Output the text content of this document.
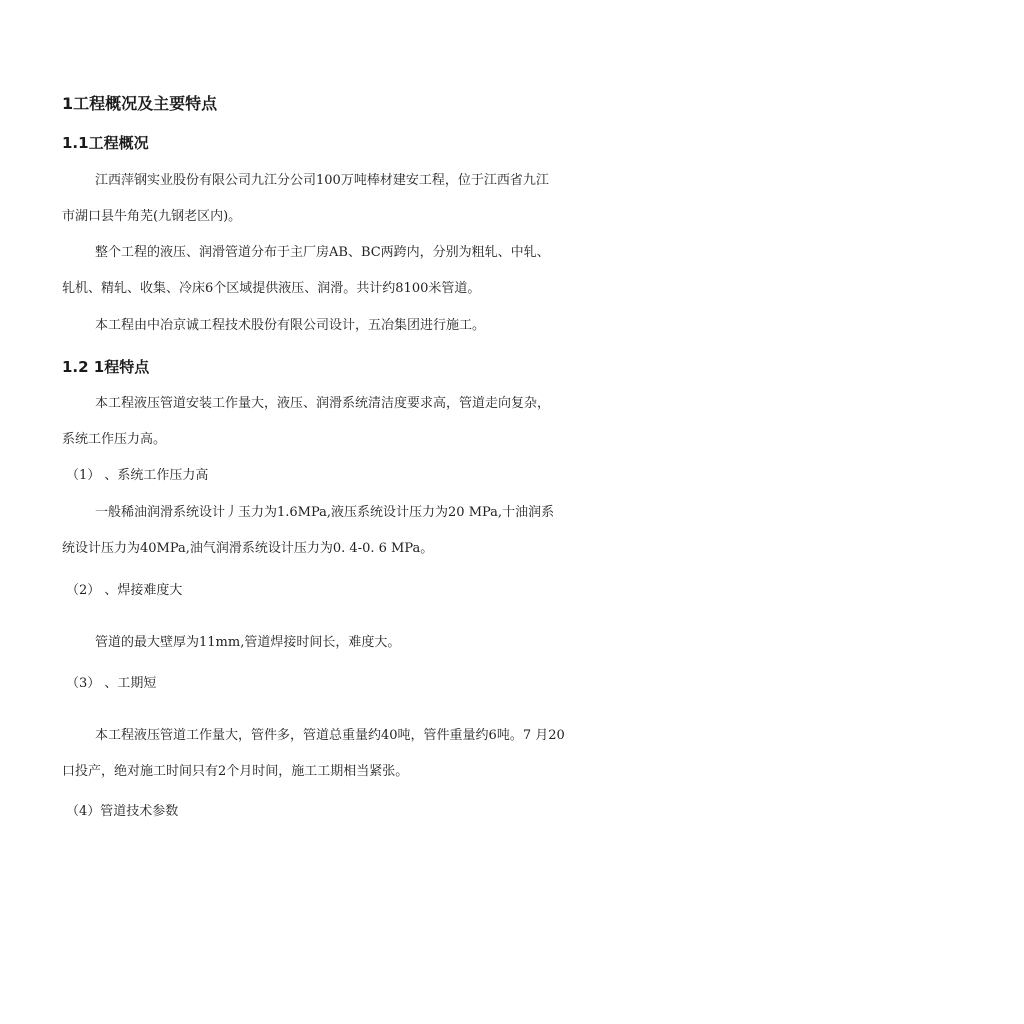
1工程概况及主要特点
1.1工程概况
江西萍钢实业股份有限公司九江分公司100万吨棒材建安工程，位于江西省九江
市湖口县牛角芜(九钢老区内)。
整个工程的液压、润滑管道分布于主厂房AB、BC两跨内，分别为粗轧、中轧、
轧机、精轧、收集、冷床6个区域提供液压、润滑。共计约8100米管道。
本工程由中冶京诚工程技术股份有限公司设计，五冶集团进行施工。
1.2 1程特点
本工程液压管道安装工作量大，液压、润滑系统清洁度要求高，管道走向复杂，
系统工作压力高。
（1） 、系统工作压力高
一般稀油润滑系统设计丿玉力为1.6MPa,液压系统设计压力为20 MPa,十油润系
统设计压力为40MPa,油气润滑系统设计压力为0. 4-0. 6 MPa。
（2） 、焊接难度大
管道的最大壁厚为11mm,管道焊接时间长，难度大。
（3） 、工期短
本工程液压管道工作量大，管件多，管道总重量约40吨，管件重量约6吨。7 月20
口投产，绝对施工时间只有2个月时间，施工工期相当紧张。
（4）管道技术参数
